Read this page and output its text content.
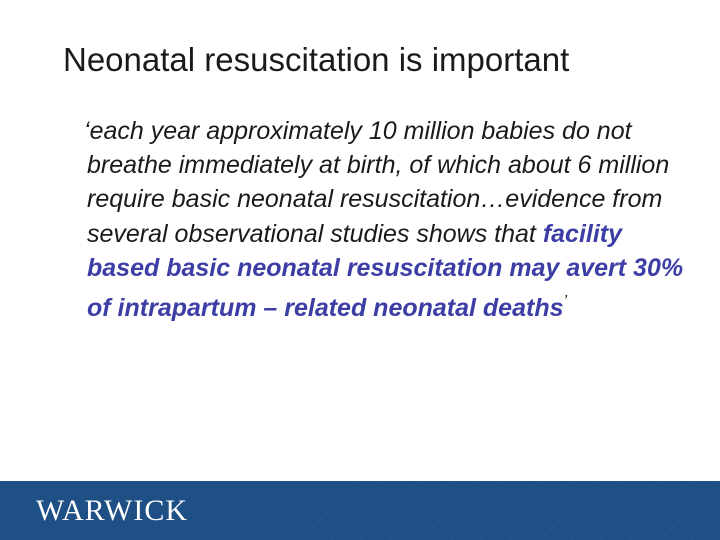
Neonatal resuscitation is important

‘each year approximately 10 million babies do not breathe immediately at birth, of which about 6 million require basic neonatal resuscitation…evidence from several observational studies shows that facility based basic neonatal resuscitation may avert 30% of intrapartum – related neonatal deaths’

WARWICK
